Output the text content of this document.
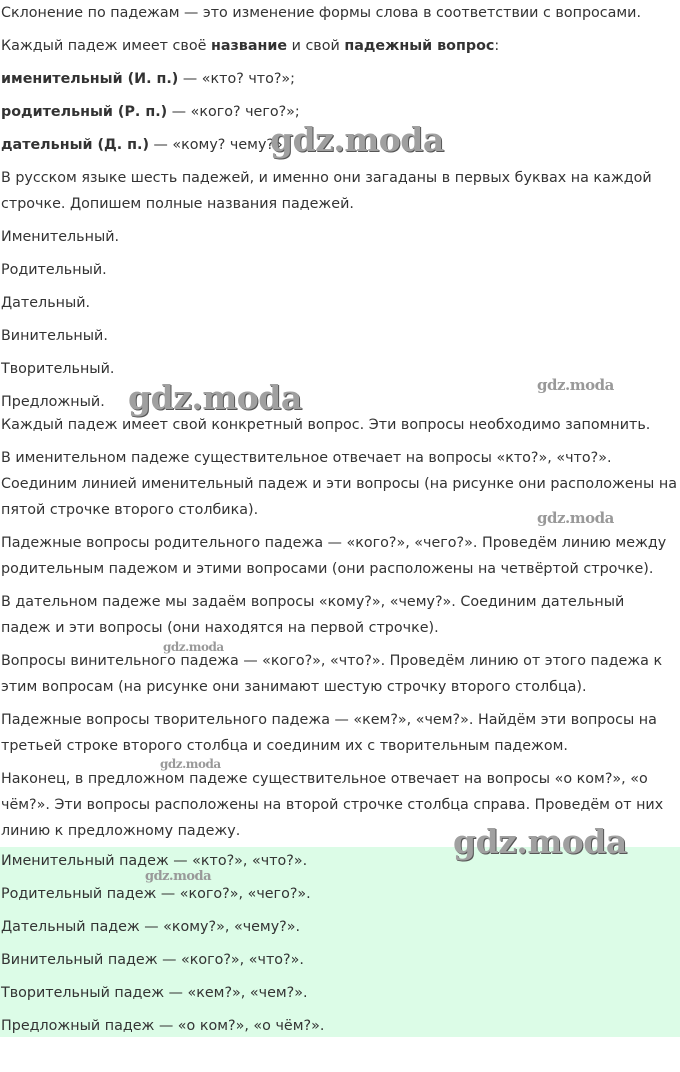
Склонение по падежам — это изменение формы слова в соответствии с вопросами.

Каждый падеж имеет своё название и свой падежный вопрос:

именительный (И. п.) — «кто? что?»;

родительный (Р. п.) — «кого? чего?»;

дательный (Д. п.) — «кому? чему?».

В русском языке шесть падежей, и именно они загаданы в первых буквах на каждой строчке. Допишем полные названия падежей.

Именительный.

Родительный.

Дательный.

Винительный.

Творительный.

Предложный.

Каждый падеж имеет свой конкретный вопрос. Эти вопросы необходимо запомнить.

В именительном падеже существительное отвечает на вопросы «кто?», «что?». Соединим линией именительный падеж и эти вопросы (на рисунке они расположены на пятой строчке второго столбика).

Падежные вопросы родительного падежа — «кого?», «чего?». Проведём линию между родительным падежом и этими вопросами (они расположены на четвёртой строчке).

В дательном падеже мы задаём вопросы «кому?», «чему?». Соединим дательный падеж и эти вопросы (они находятся на первой строчке).

Вопросы винительного падежа — «кого?», «что?». Проведём линию от этого падежа к этим вопросам (на рисунке они занимают шестую строчку второго столбца).

Падежные вопросы творительного падежа — «кем?», «чем?». Найдём эти вопросы на третьей строке второго столбца и соединим их с творительным падежом.

Наконец, в предложном падеже существительное отвечает на вопросы «о ком?», «о чём?». Эти вопросы расположены на второй строчке столбца справа. Проведём от них линию к предложному падежу.

Именительный падеж — «кто?», «что?».

Родительный падеж — «кого?», «чего?».

Дательный падеж — «кому?», «чему?».

Винительный падеж — «кого?», «что?».

Творительный падеж — «кем?», «чем?».

Предложный падеж — «о ком?», «о чём?».

gdz.moda
gdz.moda	gdz.moda
gdz.moda
gdz.moda
gdz.moda
gdz.moda
gdz.moda
